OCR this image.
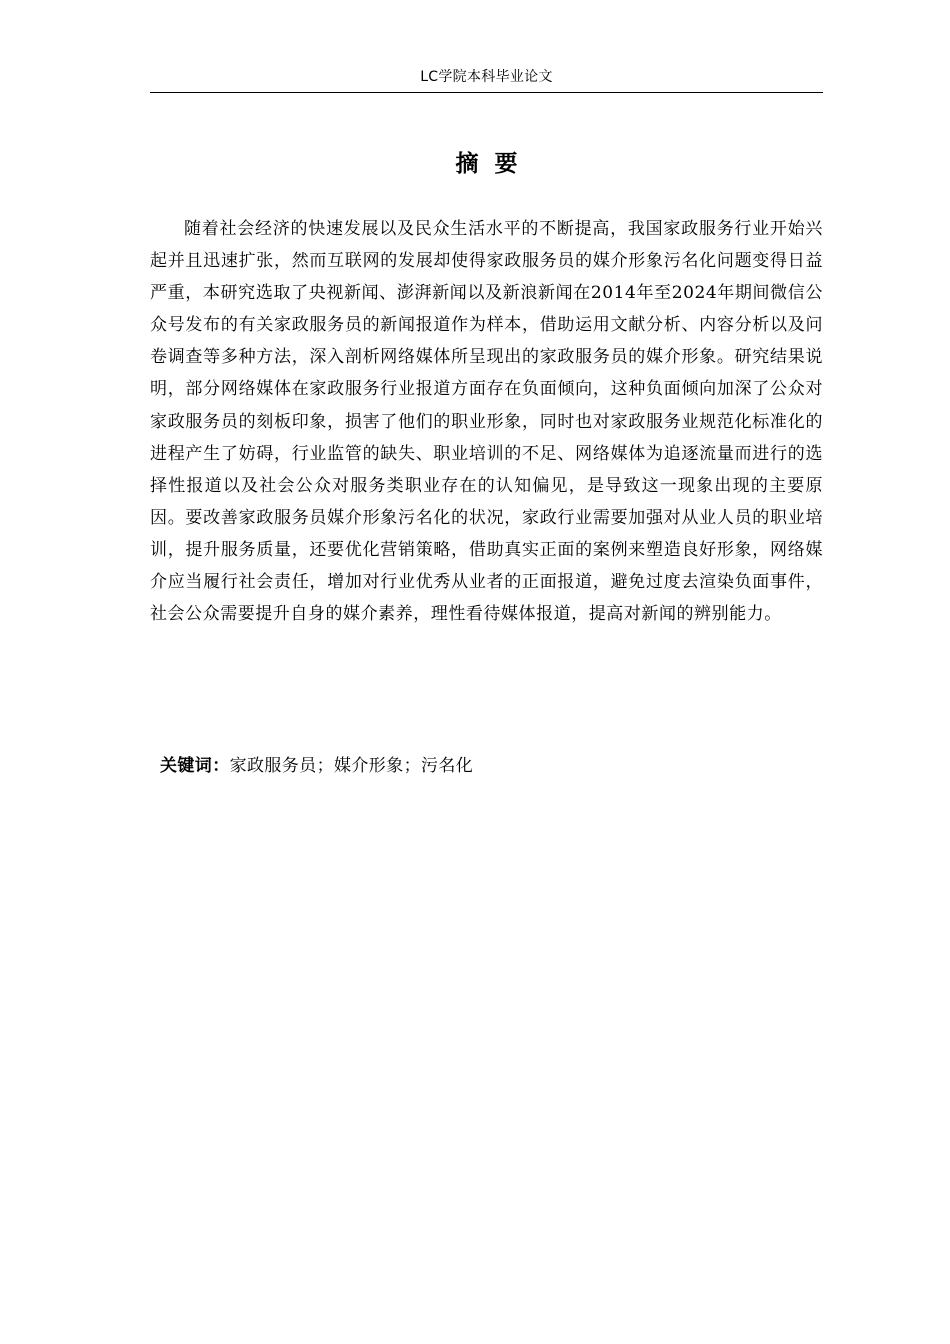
LC学院本科毕业论文
摘  要

随着社会经济的快速发展以及民众生活水平的不断提高，我国家政服务行业开始兴起并且迅速扩张，然而互联网的发展却使得家政服务员的媒介形象污名化问题变得日益严重，本研究选取了央视新闻、澎湃新闻以及新浪新闻在2014年至2024年期间微信公众号发布的有关家政服务员的新闻报道作为样本，借助运用文献分析、内容分析以及问卷调查等多种方法，深入剖析网络媒体所呈现出的家政服务员的媒介形象。研究结果说明，部分网络媒体在家政服务行业报道方面存在负面倾向，这种负面倾向加深了公众对家政服务员的刻板印象，损害了他们的职业形象，同时也对家政服务业规范化标准化的进程产生了妨碍，行业监管的缺失、职业培训的不足、网络媒体为追逐流量而进行的选择性报道以及社会公众对服务类职业存在的认知偏见，是导致这一现象出现的主要原因。要改善家政服务员媒介形象污名化的状况，家政行业需要加强对从业人员的职业培训，提升服务质量，还要优化营销策略，借助真实正面的案例来塑造良好形象，网络媒介应当履行社会责任，增加对行业优秀从业者的正面报道，避免过度去渲染负面事件，社会公众需要提升自身的媒介素养，理性看待媒体报道，提高对新闻的辨别能力。

关键词：家政服务员；媒介形象；污名化
